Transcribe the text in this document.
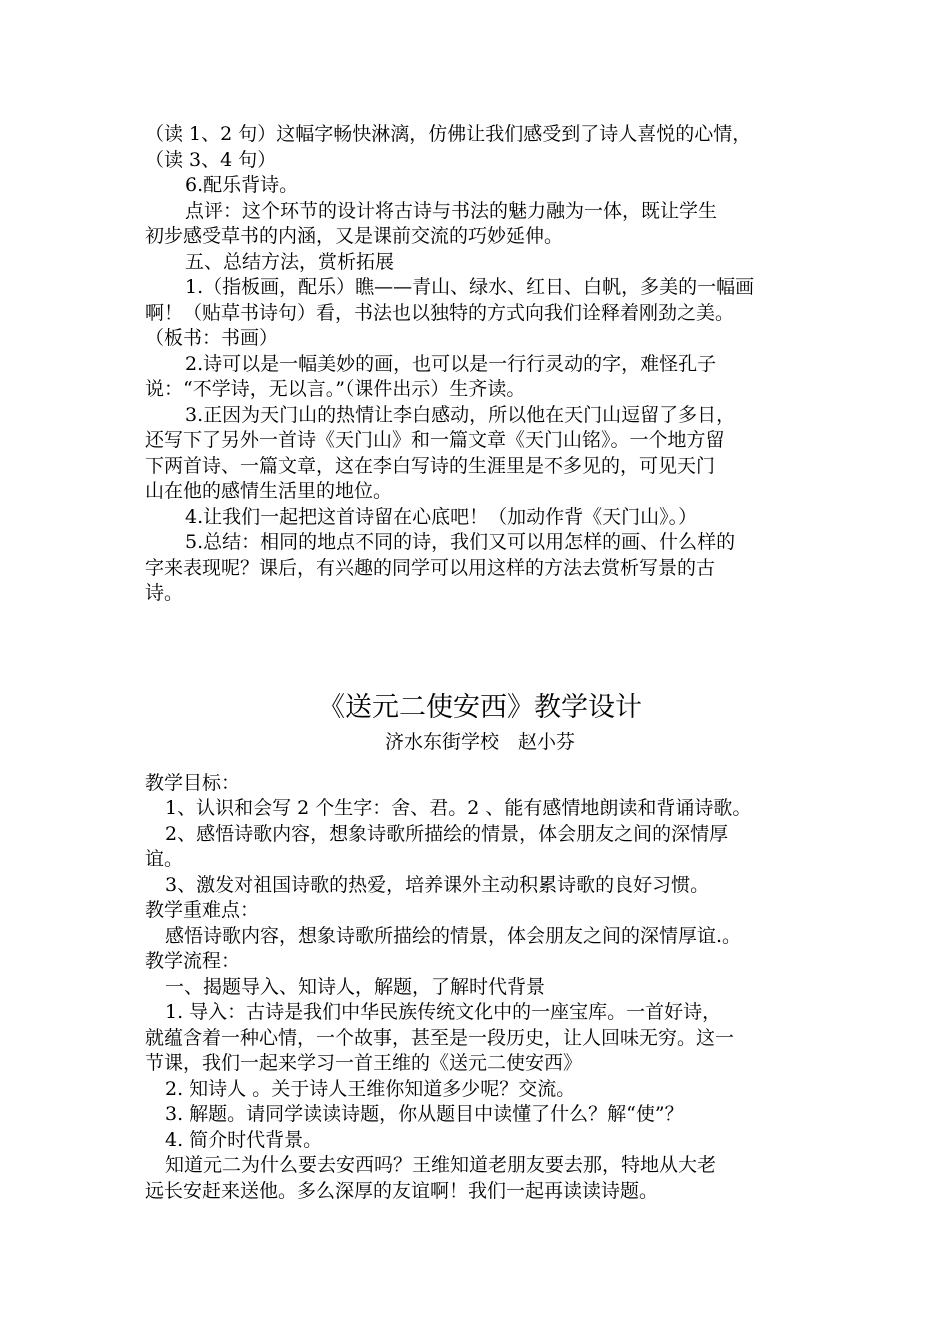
（读 1、2 句）这幅字畅快淋漓，仿佛让我们感受到了诗人喜悦的心情，

（读 3、4 句）

6.配乐背诗。

点评：这个环节的设计将古诗与书法的魅力融为一体，既让学生

初步感受草书的内涵，又是课前交流的巧妙延伸。

五、总结方法，赏析拓展

1.（指板画，配乐）瞧——青山、绿水、红日、白帆，多美的一幅画

啊！（贴草书诗句）看，书法也以独特的方式向我们诠释着刚劲之美。

（板书：书画）

2.诗可以是一幅美妙的画，也可以是一行行灵动的字，难怪孔子

说：“不学诗，无以言。”（课件出示）生齐读。

3.正因为天门山的热情让李白感动，所以他在天门山逗留了多日，

还写下了另外一首诗《天门山》和一篇文章《天门山铭》。一个地方留

下两首诗、一篇文章，这在李白写诗的生涯里是不多见的，可见天门

山在他的感情生活里的地位。

4.让我们一起把这首诗留在心底吧！（加动作背《天门山》。）

5.总结：相同的地点不同的诗，我们又可以用怎样的画、什么样的

字来表现呢？课后，有兴趣的同学可以用这样的方法去赏析写景的古

诗。

《送元二使安西》教学设计

济水东街学校　赵小芬

教学目标：

1、认识和会写 2 个生字：舍、君。2 、能有感情地朗读和背诵诗歌。

2、感悟诗歌内容，想象诗歌所描绘的情景，体会朋友之间的深情厚

谊。

3、激发对祖国诗歌的热爱，培养课外主动积累诗歌的良好习惯。

教学重难点：

感悟诗歌内容，想象诗歌所描绘的情景，体会朋友之间的深情厚谊.。

教学流程：

一、揭题导入、知诗人，解题，了解时代背景

1. 导入：古诗是我们中华民族传统文化中的一座宝库。一首好诗，

就蕴含着一种心情，一个故事，甚至是一段历史，让人回味无穷。这一

节课，我们一起来学习一首王维的《送元二使安西》

2. 知诗人 。关于诗人王维你知道多少呢？交流。

3. 解题。请同学读读诗题，你从题目中读懂了什么？解“使”？

4. 简介时代背景。

知道元二为什么要去安西吗？王维知道老朋友要去那，特地从大老

远长安赶来送他。多么深厚的友谊啊！我们一起再读读诗题。
